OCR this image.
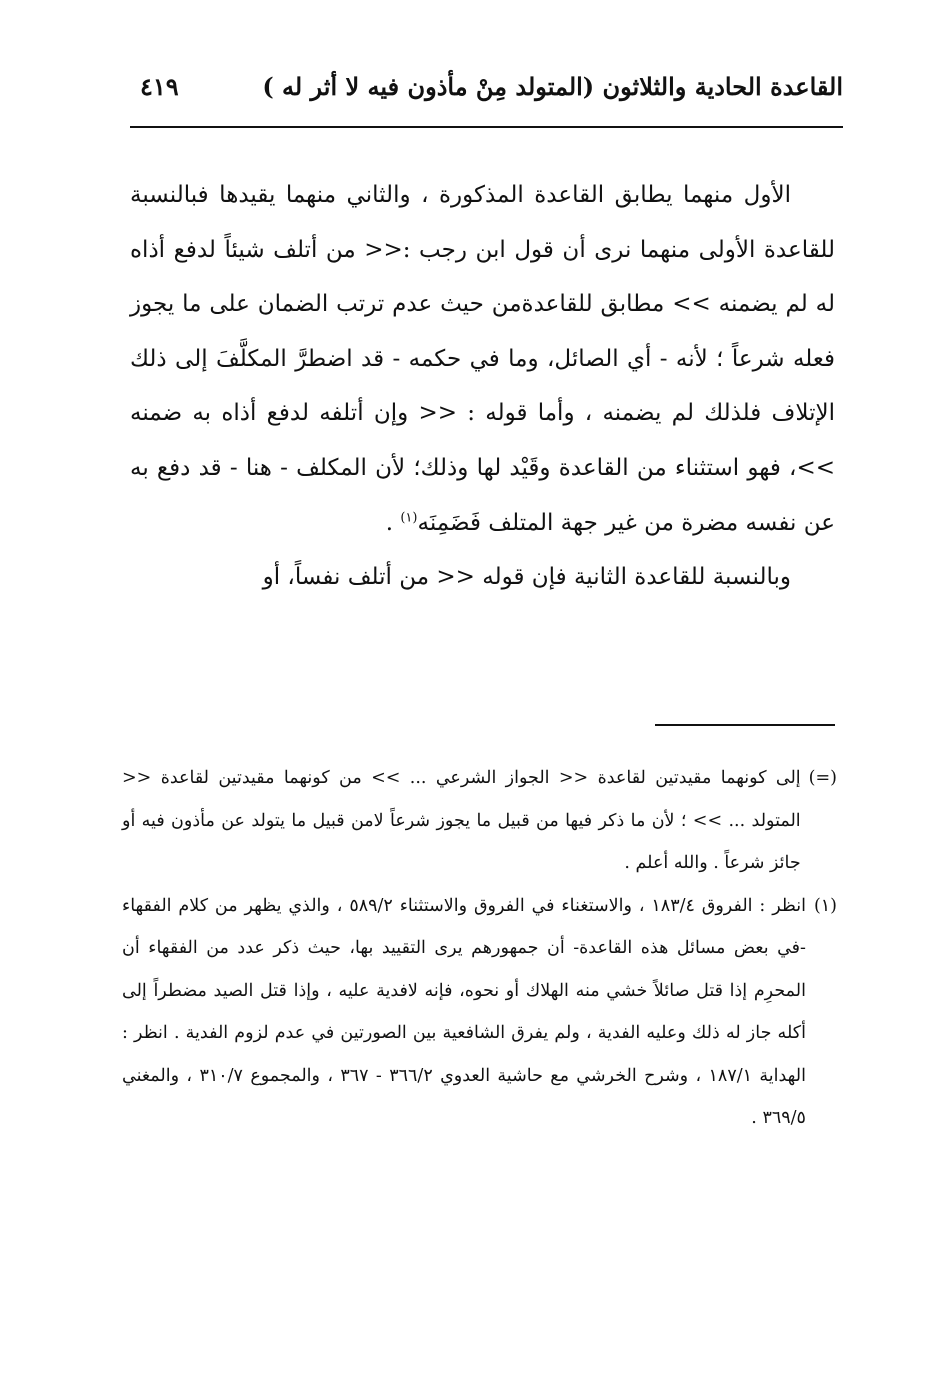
٤١٩	القاعدة الحادية والثلاثون (المتولد مِنْ مأذون فيه لا أثر له )

الأول منهما يطابق القاعدة المذكورة ، والثاني منهما يقيدها فبالنسبة للقاعدة الأولى منهما نرى أن قول ابن رجب :<< من أتلف شيئاً لدفع أذاه له لم يضمنه >> مطابق للقاعدةمن حيث عدم ترتب الضمان على ما يجوز فعله شرعاً ؛ لأنه - أي الصائل، وما في حكمه - قد اضطرَّ المكلَّفَ إلى ذلك الإتلاف فلذلك لم يضمنه ، وأما قوله : << وإن أتلفه لدفع أذاه به ضمنه >>، فهو استثناء من القاعدة وقَيْد لها وذلك؛ لأن المكلف - هنا - قد دفع به عن نفسه مضرة من غير جهة المتلف فَضَمِنَه$^{(١)}$ .

وبالنسبة للقاعدة الثانية فإن قوله << من أتلف نفساً، أو

(=)
إلى كونهما مقيدتين لقاعدة << الجواز الشرعي ... >> من كونهما مقيدتين لقاعدة << المتولد ... >> ؛ لأن ما ذكر فيها من قبيل ما يجوز شرعاً لامن قبيل ما يتولد عن مأذون فيه أو جائز شرعاً . والله أعلم .
(١)
انظر : الفروق ١٨٣/٤ ، والاستغناء في الفروق والاستثناء ٥٨٩/٢ ، والذي يظهر من كلام الفقهاء -في بعض مسائل هذه القاعدة- أن جمهورهم يرى التقييد بها، حيث ذكر عدد من الفقهاء أن المحرِم إذا قتل صائلاً خشي منه الهلاك أو نحوه، فإنه لافدية عليه ، وإذا قتل الصيد مضطراً إلى أكله جاز له ذلك وعليه الفدية ، ولم يفرق الشافعية بين الصورتين في عدم لزوم الفدية . انظر : الهداية ١٨٧/١ ، وشرح الخرشي مع حاشية العدوي ٣٦٦/٢ - ٣٦٧ ، والمجموع ٣١٠/٧ ، والمغني ٣٦٩/٥ .
